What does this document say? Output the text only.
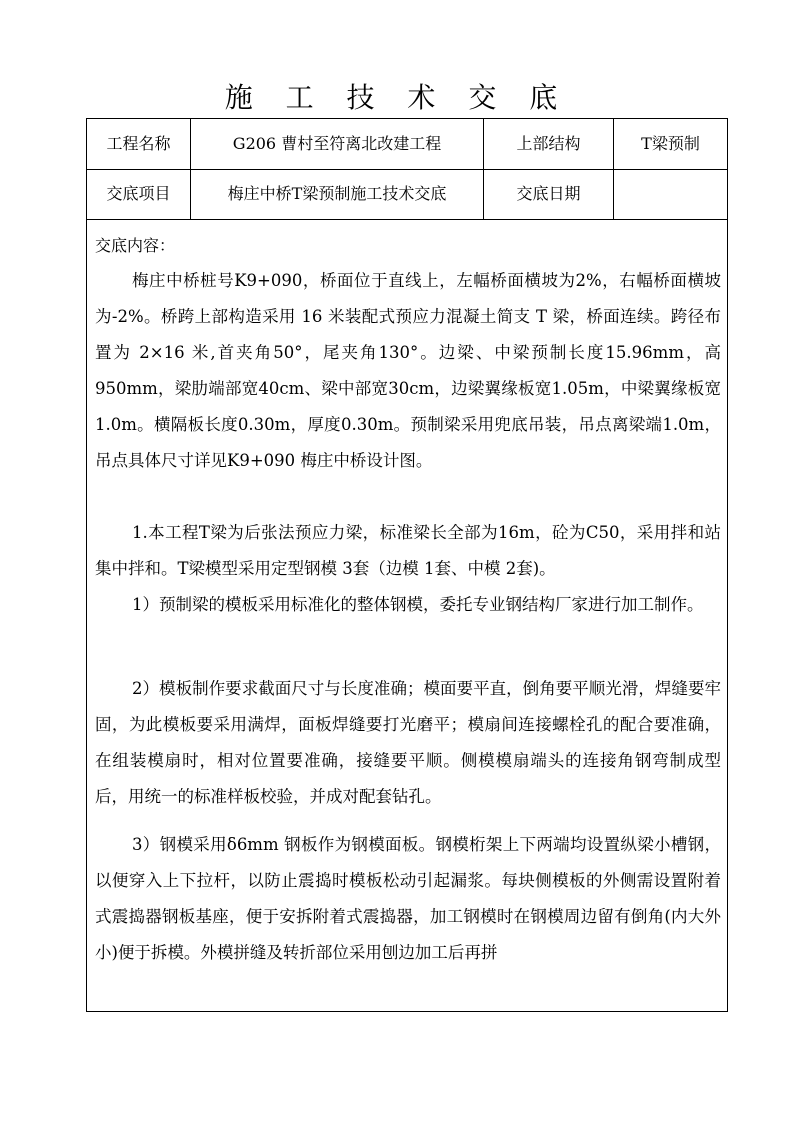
施 工 技 术 交 底
工程名称	G206 曹村至符离北改建工程	上部结构	T梁预制
交底项目	梅庄中桥T梁预制施工技术交底	交底日期
交底内容：

梅庄中桥桩号K9+090，桥面位于直线上，左幅桥面横坡为2%，右幅桥面横坡为-2%。桥跨上部构造采用 16 米装配式预应力混凝土简支 T 梁，桥面连续。跨径布置为 2×16 米,首夹角50°，尾夹角130°。边梁、中梁预制长度15.96mm，高950mm，梁肋端部宽40cm、梁中部宽30cm，边梁翼缘板宽1.05m，中梁翼缘板宽1.0m。横隔板长度0.30m，厚度0.30m。预制梁采用兜底吊装，吊点离梁端1.0m，吊点具体尺寸详见K9+090 梅庄中桥设计图。

1.本工程T梁为后张法预应力梁，标准梁长全部为16m，砼为C50，采用拌和站集中拌和。T梁模型采用定型钢模 3套（边模 1套、中模 2套)。

1）预制梁的模板采用标准化的整体钢模，委托专业钢结构厂家进行加工制作。

2）模板制作要求截面尺寸与长度准确；模面要平直，倒角要平顺光滑，焊缝要牢固，为此模板要采用满焊，面板焊缝要打光磨平；模扇间连接螺栓孔的配合要准确，在组装模扇时，相对位置要准确，接缝要平顺。侧模模扇端头的连接角钢弯制成型后，用统一的标准样板校验，并成对配套钻孔。

3）钢模采用δ6mm 钢板作为钢模面板。钢模桁架上下两端均设置纵梁小槽钢，以便穿入上下拉杆，以防止震捣时模板松动引起漏浆。每块侧模板的外侧需设置附着式震捣器钢板基座，便于安拆附着式震捣器，加工钢模时在钢模周边留有倒角(内大外小)便于拆模。外模拼缝及转折部位采用刨边加工后再拼
